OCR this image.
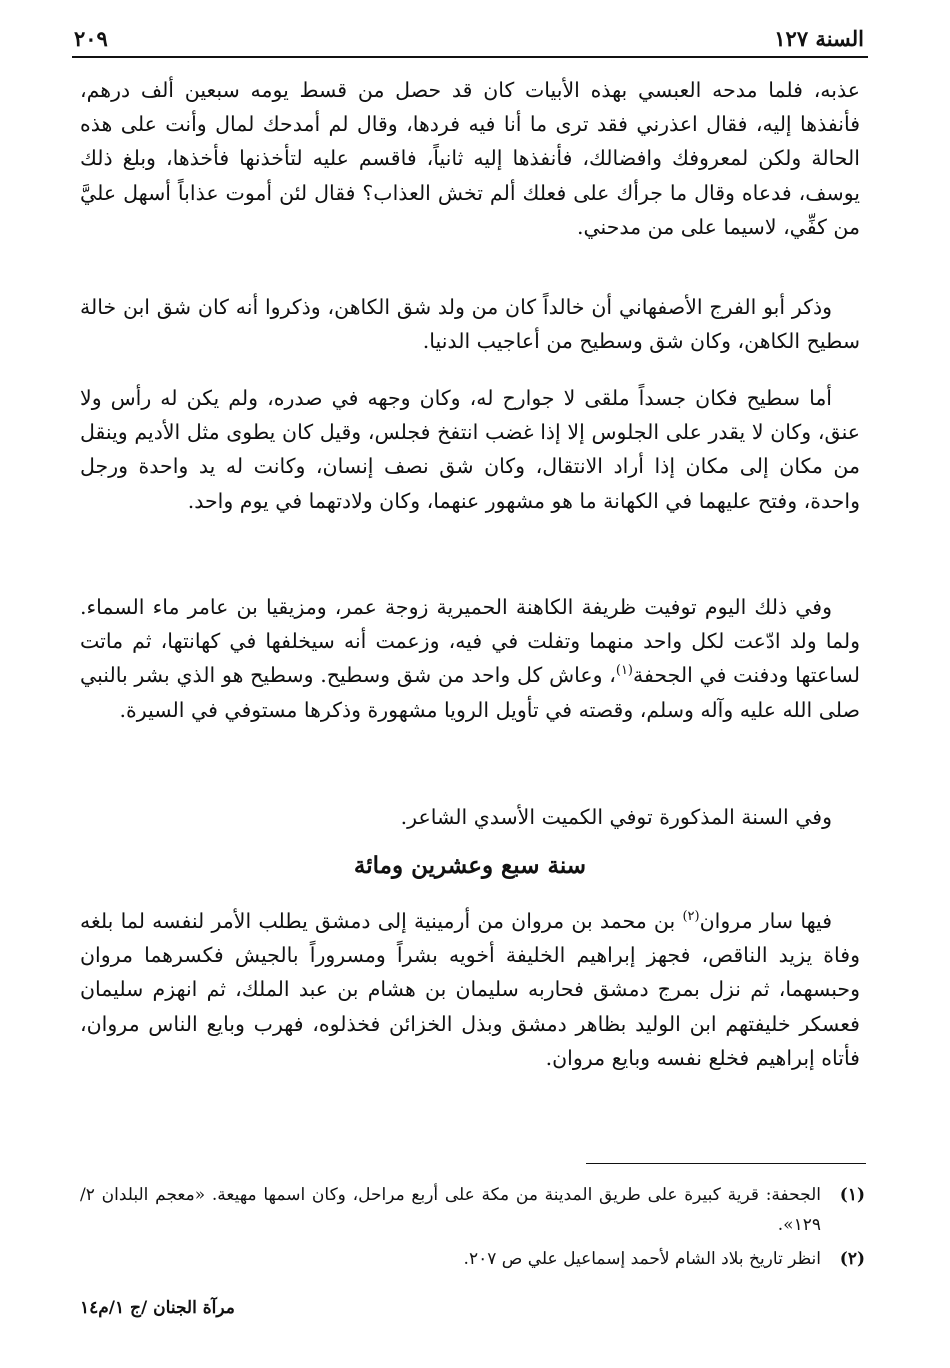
السنة ١٢٧
٢٠٩

عذبه، فلما مدحه العبسي بهذه الأبيات كان قد حصل من قسط يومه سبعين ألف درهم، فأنفذها إليه، فقال اعذرني فقد ترى ما أنا فيه فردها، وقال لم أمدحك لمال وأنت على هذه الحالة ولكن لمعروفك وافضالك، فأنفذها إليه ثانياً، فاقسم عليه لتأخذنها فأخذها، وبلغ ذلك يوسف، فدعاه وقال ما جرأك على فعلك ألم تخش العذاب؟ فقال لئن أموت عذاباً أسهل عليَّ من كفِّي، لاسيما على من مدحني.

وذكر أبو الفرج الأصفهاني أن خالداً كان من ولد شق الكاهن، وذكروا أنه كان شق ابن خالة سطيح الكاهن، وكان شق وسطيح من أعاجيب الدنيا.

أما سطيح فكان جسداً ملقى لا جوارح له، وكان وجهه في صدره، ولم يكن له رأس ولا عنق، وكان لا يقدر على الجلوس إلا إذا غضب انتفخ فجلس، وقيل كان يطوى مثل الأديم وينقل من مكان إلى مكان إذا أراد الانتقال، وكان شق نصف إنسان، وكانت له يد واحدة ورجل واحدة، وفتح عليهما في الكهانة ما هو مشهور عنهما، وكان ولادتهما في يوم واحد.

وفي ذلك اليوم توفيت ظريفة الكاهنة الحميرية زوجة عمر، ومزيقيا بن عامر ماء السماء. ولما ولد ادّعت لكل واحد منهما وتفلت في فيه، وزعمت أنه سيخلفها في كهانتها، ثم ماتت لساعتها ودفنت في الجحفة$^{(١)}$، وعاش كل واحد من شق وسطيح. وسطيح هو الذي بشر بالنبي صلى الله عليه وآله وسلم، وقصته في تأويل الرويا مشهورة وذكرها مستوفي في السيرة.

وفي السنة المذكورة توفي الكميت الأسدي الشاعر.

سنة سبع وعشرين ومائة

فيها سار مروان$^{(٢)}$ بن محمد بن مروان من أرمينية إلى دمشق يطلب الأمر لنفسه لما بلغه وفاة يزيد الناقص، فجهز إبراهيم الخليفة أخويه بشراً ومسروراً بالجيش فكسرهما مروان وحبسهما، ثم نزل بمرج دمشق فحاربه سليمان بن هشام بن عبد الملك، ثم انهزم سليمان فعسكر خليفتهم ابن الوليد بظاهر دمشق وبذل الخزائن فخذلوه، فهرب وبايع الناس مروان، فأتاه إبراهيم فخلع نفسه وبايع مروان.

(١)
الجحفة: قرية كبيرة على طريق المدينة من مكة على أربع مراحل، وكان اسمها مهيعة. «معجم البلدان ٢/ ١٢٩».
(٢)
انظر تاريخ بلاد الشام لأحمد إسماعيل علي ص ٢٠٧.
مرآة الجنان /ج ١/م١٤
